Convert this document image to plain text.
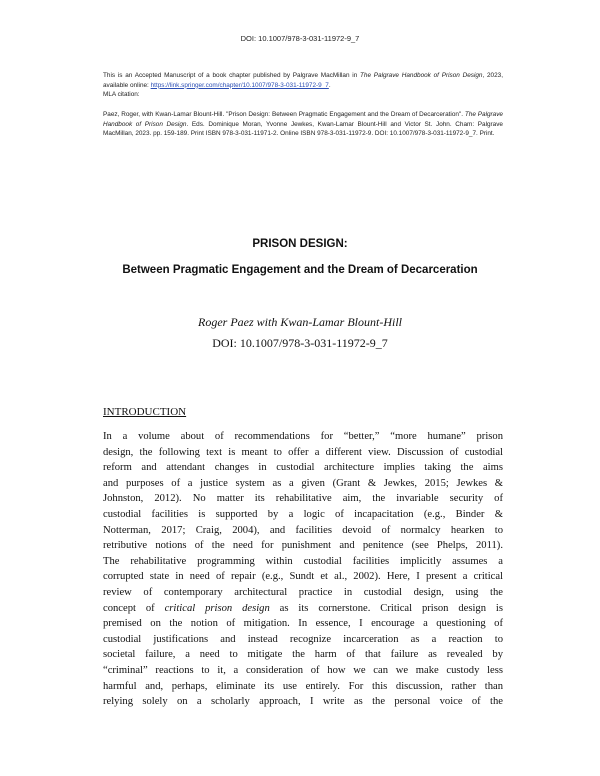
DOI: 10.1007/978-3-031-11972-9_7
This is an Accepted Manuscript of a book chapter published by Palgrave MacMillan in The Palgrave Handbook of Prison Design, 2023, available online: https://link.springer.com/chapter/10.1007/978-3-031-11972-9_7.
MLA citation:
Paez, Roger, with Kwan-Lamar Blount-Hill. "Prison Design: Between Pragmatic Engagement and the Dream of Decarceration". The Palgrave Handbook of Prison Design. Eds. Dominique Moran, Yvonne Jewkes, Kwan-Lamar Blount-Hill and Victor St. John. Cham: Palgrave MacMillan, 2023. pp. 159-189. Print ISBN 978-3-031-11971-2. Online ISBN 978-3-031-11972-9. DOI: 10.1007/978-3-031-11972-9_7. Print.
PRISON DESIGN:
Between Pragmatic Engagement and the Dream of Decarceration
Roger Paez with Kwan-Lamar Blount-Hill
DOI: 10.1007/978-3-031-11972-9_7
INTRODUCTION
In a volume about of recommendations for “better,” “more humane” prison
design, the following text is meant to offer a different view. Discussion of custodial
reform and attendant changes in custodial architecture implies taking the aims
and purposes of a justice system as a given (Grant & Jewkes, 2015; Jewkes &
Johnston, 2012). No matter its rehabilitative aim, the invariable security of
custodial facilities is supported by a logic of incapacitation (e.g., Binder &
Notterman, 2017; Craig, 2004), and facilities devoid of normalcy hearken to
retributive notions of the need for punishment and penitence (see Phelps, 2011).
The rehabilitative programming within custodial facilities implicitly assumes a
corrupted state in need of repair (e.g., Sundt et al., 2002). Here, I present a critical
review of contemporary architectural practice in custodial design, using the
concept of critical prison design as its cornerstone. Critical prison design is
premised on the notion of mitigation. In essence, I encourage a questioning of
custodial justifications and instead recognize incarceration as a reaction to
societal failure, a need to mitigate the harm of that failure as revealed by
“criminal” reactions to it, a consideration of how we can we make custody less
harmful and, perhaps, eliminate its use entirely. For this discussion, rather than
relying solely on a scholarly approach, I write as the personal voice of the
